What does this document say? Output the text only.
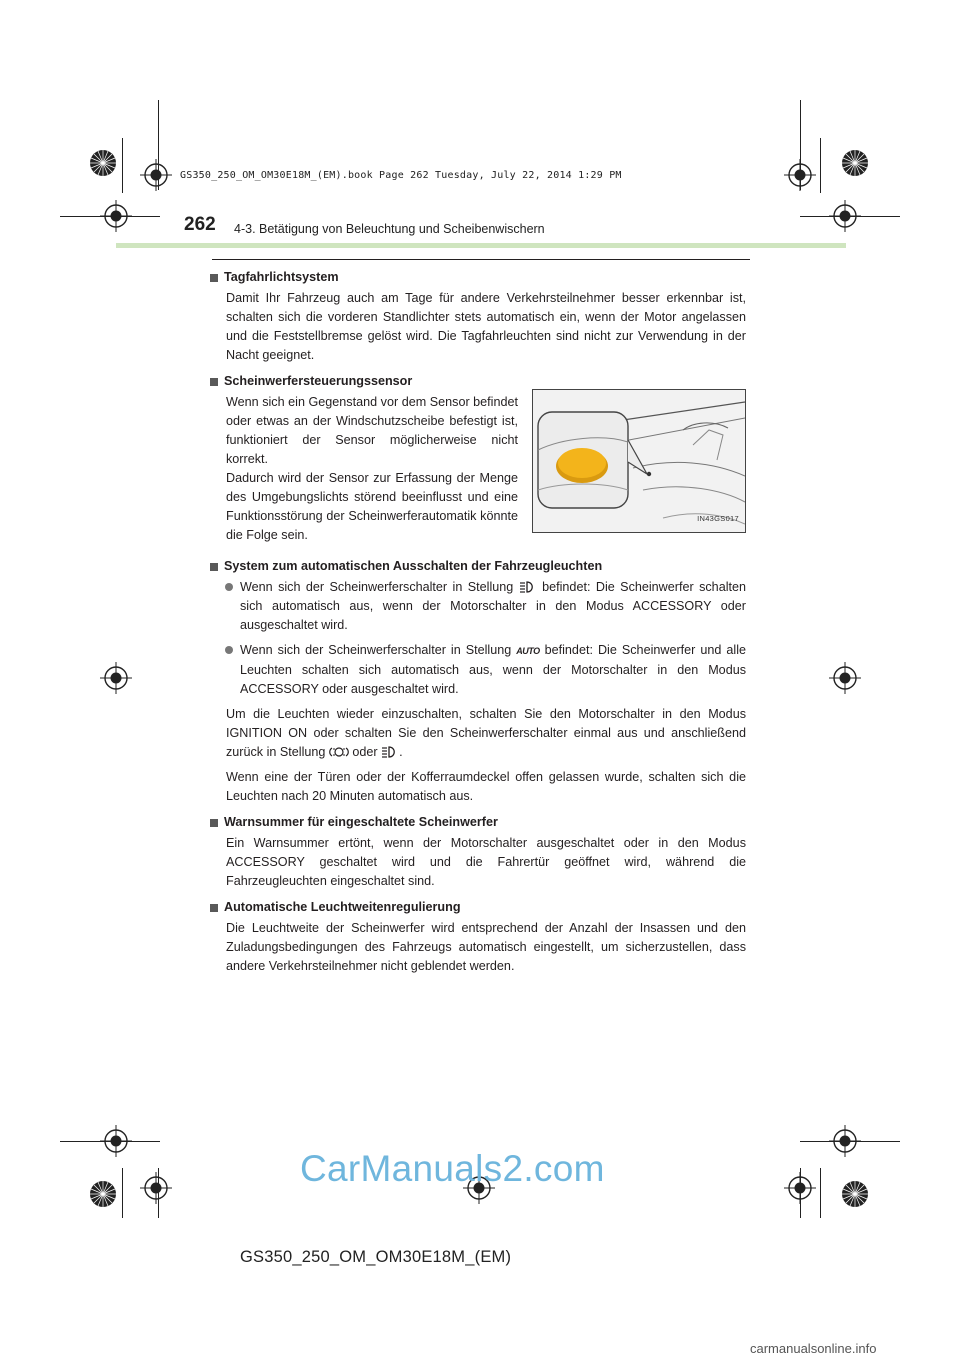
GS350_250_OM_OM30E18M_(EM).book Page 262 Tuesday, July 22, 2014 1:29 PM
262 4-3. Betätigung von Beleuchtung und Scheibenwischern
Tagfahrlichtsystem
Damit Ihr Fahrzeug auch am Tage für andere Verkehrsteilnehmer besser erkennbar ist, schalten sich die vorderen Standlichter stets automatisch ein, wenn der Motor angelassen und die Feststellbremse gelöst wird. Die Tagfahrleuchten sind nicht zur Verwendung in der Nacht geeignet.
Scheinwerfersteuerungssensor
Wenn sich ein Gegenstand vor dem Sensor befindet oder etwas an der Windschutzscheibe befestigt ist, funktioniert der Sensor möglicherweise nicht korrekt.
Dadurch wird der Sensor zur Erfassung der Menge des Umgebungslichts störend beeinflusst und eine Funktionsstörung der Scheinwerferautomatik könnte die Folge sein.
IN43GS017
System zum automatischen Ausschalten der Fahrzeugleuchten
Wenn sich der Scheinwerferschalter in Stellung befindet: Die Scheinwerfer schalten sich automatisch aus, wenn der Motorschalter in den Modus ACCESSORY oder ausgeschaltet wird.
Wenn sich der Scheinwerferschalter in Stellung AUTO befindet: Die Scheinwerfer und alle Leuchten schalten sich automatisch aus, wenn der Motorschalter in den Modus ACCESSORY oder ausgeschaltet wird.
Um die Leuchten wieder einzuschalten, schalten Sie den Motorschalter in den Modus IGNITION ON oder schalten Sie den Scheinwerferschalter einmal aus und anschließend zurück in Stellung oder .
Wenn eine der Türen oder der Kofferraumdeckel offen gelassen wurde, schalten sich die Leuchten nach 20 Minuten automatisch aus.
Warnsummer für eingeschaltete Scheinwerfer
Ein Warnsummer ertönt, wenn der Motorschalter ausgeschaltet oder in den Modus ACCESSORY geschaltet wird und die Fahrertür geöffnet wird, während die Fahrzeugleuchten eingeschaltet sind.
Automatische Leuchtweitenregulierung
Die Leuchtweite der Scheinwerfer wird entsprechend der Anzahl der Insassen und den Zuladungsbedingungen des Fahrzeugs automatisch eingestellt, um sicherzustellen, dass andere Verkehrsteilnehmer nicht geblendet werden.
CarManuals2.com
GS350_250_OM_OM30E18M_(EM)
carmanualsonline.info
